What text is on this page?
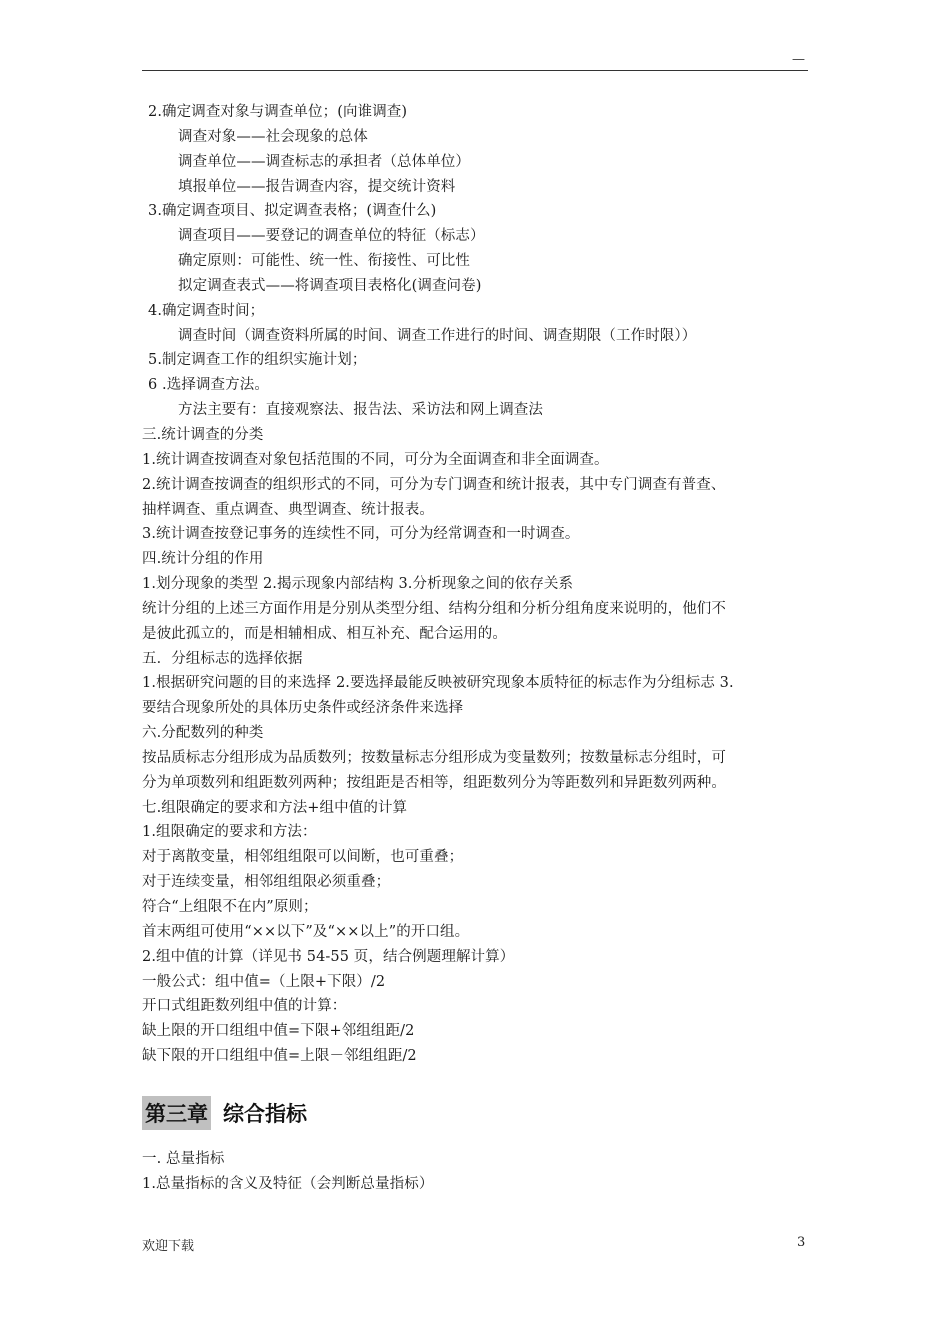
—
2.确定调查对象与调查单位；(向谁调查)
调查对象——社会现象的总体
调查单位——调查标志的承担者（总体单位）
填报单位——报告调查内容，提交统计资料
3.确定调查项目、拟定调查表格；(调查什么)
调查项目——要登记的调查单位的特征（标志）
确定原则：可能性、统一性、衔接性、可比性
拟定调查表式——将调查项目表格化(调查问卷)
4.确定调查时间；
调查时间（调查资料所属的时间、调查工作进行的时间、调查期限（工作时限））
5.制定调查工作的组织实施计划；
6 .选择调查方法。
方法主要有：直接观察法、报告法、采访法和网上调查法
三.统计调查的分类
1.统计调查按调查对象包括范围的不同，可分为全面调查和非全面调查。
2.统计调查按调查的组织形式的不同，可分为专门调查和统计报表，其中专门调查有普查、
抽样调查、重点调查、典型调查、统计报表。
3.统计调查按登记事务的连续性不同，可分为经常调查和一时调查。
四.统计分组的作用
1.划分现象的类型 2.揭示现象内部结构 3.分析现象之间的依存关系
统计分组的上述三方面作用是分别从类型分组、结构分组和分析分组角度来说明的，他们不
是彼此孤立的，而是相辅相成、相互补充、配合运用的。
五．分组标志的选择依据
1.根据研究问题的目的来选择 2.要选择最能反映被研究现象本质特征的标志作为分组标志 3.
要结合现象所处的具体历史条件或经济条件来选择
六.分配数列的种类
按品质标志分组形成为品质数列；按数量标志分组形成为变量数列；按数量标志分组时，可
分为单项数列和组距数列两种；按组距是否相等，组距数列分为等距数列和异距数列两种。
七.组限确定的要求和方法+组中值的计算
1.组限确定的要求和方法：
对于离散变量，相邻组组限可以间断，也可重叠；
对于连续变量，相邻组组限必须重叠；
符合“上组限不在内”原则；
首末两组可使用“××以下”及“××以上”的开口组。
2.组中值的计算（详见书 54-55 页，结合例题理解计算）
一般公式：组中值=（上限+下限）/2
开口式组距数列组中值的计算：
缺上限的开口组组中值=下限+邻组组距/2
缺下限的开口组组中值=上限－邻组组距/2
第三章 综合指标
一. 总量指标
1.总量指标的含义及特征（会判断总量指标）
欢迎下载	3
